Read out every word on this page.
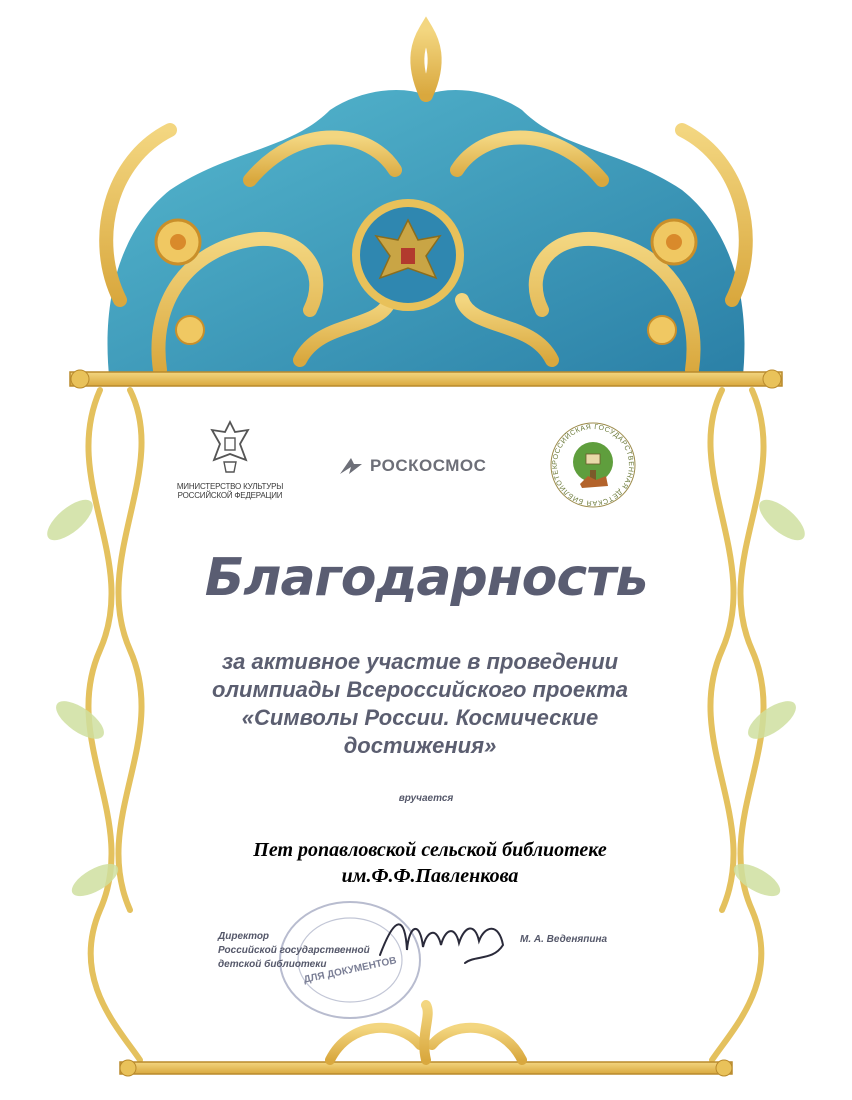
МИНИСТЕРСТВО КУЛЬТУРЫ РОССИЙСКОЙ ФЕДЕРАЦИИ
РОСКОСМОС	РОССИЙСКАЯ ГОСУДАРСТВЕННАЯ ДЕТСКАЯ БИБЛИОТЕК
Благодарность
за активное участие в проведении
олимпиады Всероссийского проекта
«Символы России. Космические
достижения»
вручается
Пет ропавловской сельской библиотеке
им.Ф.Ф.Павленкова
ДЛЯ ДОКУМЕНТОВ
Директор
Российской государственной
детской библиотеки
М. А. Веденяпина
